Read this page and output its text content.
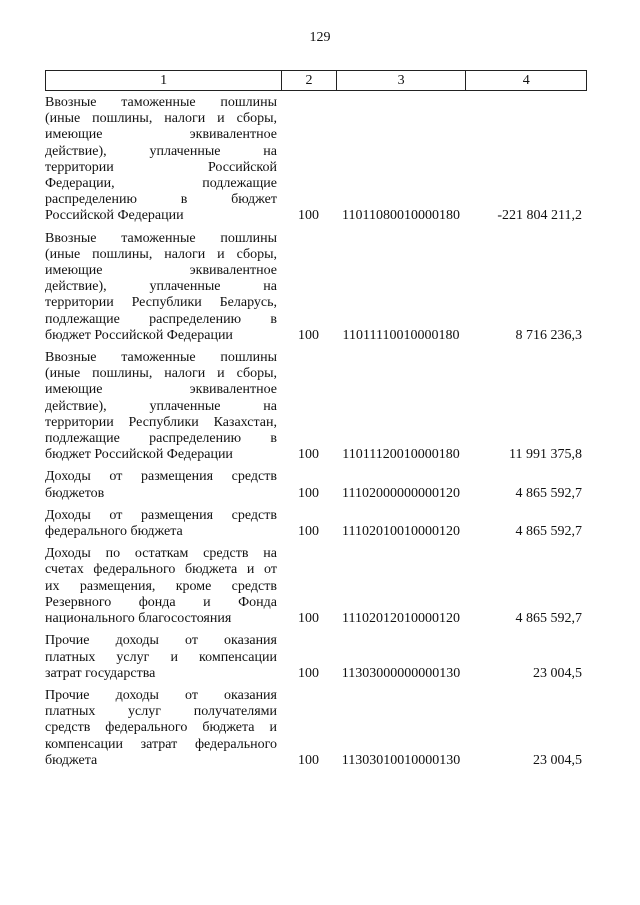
129
1	2	3	4
Ввозные таможенные пошлины
(иные пошлины, налоги и сборы,
имеющие эквивалентное
действие), уплаченные на
территории Российской
Федерации, подлежащие
распределению в бюджет
Российской Федерации	100	11011080010000180	-221 804 211,2
Ввозные таможенные пошлины
(иные пошлины, налоги и сборы,
имеющие эквивалентное
действие), уплаченные на
территории Республики Беларусь,
подлежащие распределению в
бюджет Российской Федерации	100	11011110010000180	8 716 236,3
Ввозные таможенные пошлины
(иные пошлины, налоги и сборы,
имеющие эквивалентное
действие), уплаченные на
территории Республики Казахстан,
подлежащие распределению в
бюджет Российской Федерации	100	11011120010000180	11 991 375,8
Доходы от размещения средств
бюджетов	100	11102000000000120	4 865 592,7
Доходы от размещения средств
федерального бюджета	100	11102010010000120	4 865 592,7
Доходы по остаткам средств на
счетах федерального бюджета и от
их размещения, кроме средств
Резервного фонда и Фонда
национального благосостояния	100	11102012010000120	4 865 592,7
Прочие доходы от оказания
платных услуг и компенсации
затрат государства	100	11303000000000130	23 004,5
Прочие доходы от оказания
платных услуг получателями
средств федерального бюджета и
компенсации затрат федерального
бюджета	100	11303010010000130	23 004,5
